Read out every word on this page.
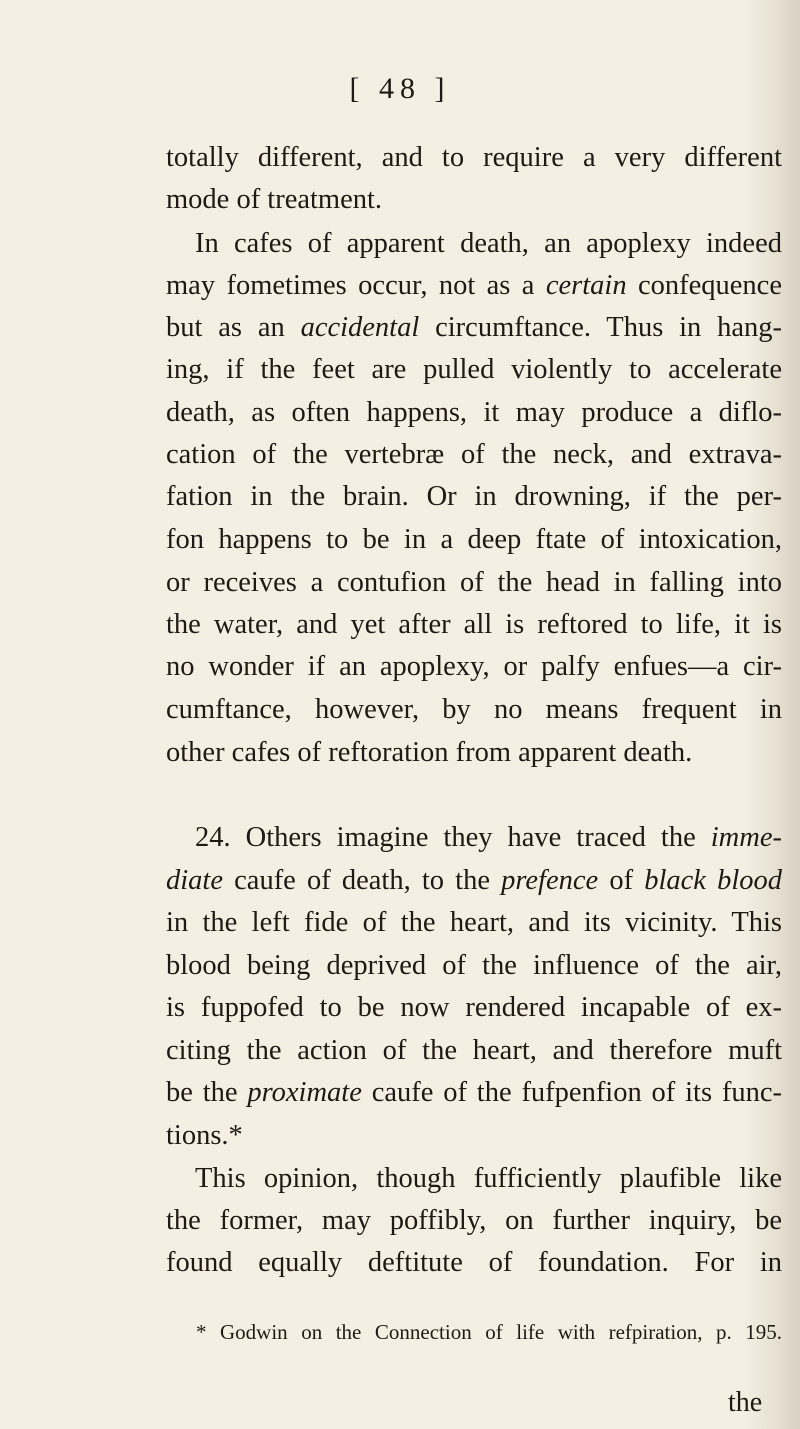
[ 48 ]
totally different, and to require a very different
mode of treatment.
In cafes of apparent death, an apoplexy indeed
may fometimes occur, not as a certain confequence
but as an accidental circumftance. Thus in hang-
ing, if the feet are pulled violently to accelerate
death, as often happens, it may produce a diflo-
cation of the vertebræ of the neck, and extrava-
fation in the brain. Or in drowning, if the per-
fon happens to be in a deep ftate of intoxication,
or receives a contufion of the head in falling into
the water, and yet after all is reftored to life, it is
no wonder if an apoplexy, or palfy enfues—a cir-
cumftance, however, by no means frequent in
other cafes of reftoration from apparent death.
24. Others imagine they have traced the imme-
diate caufe of death, to the prefence of black blood
in the left fide of the heart, and its vicinity. This
blood being deprived of the influence of the air,
is fuppofed to be now rendered incapable of ex-
citing the action of the heart, and therefore muft
be the proximate caufe of the fufpenfion of its func-
tions.*
This opinion, though fufficiently plaufible like
the former, may poffibly, on further inquiry, be
found equally deftitute of foundation. For in
* Godwin on the Connection of life with refpiration, p. 195.
the
